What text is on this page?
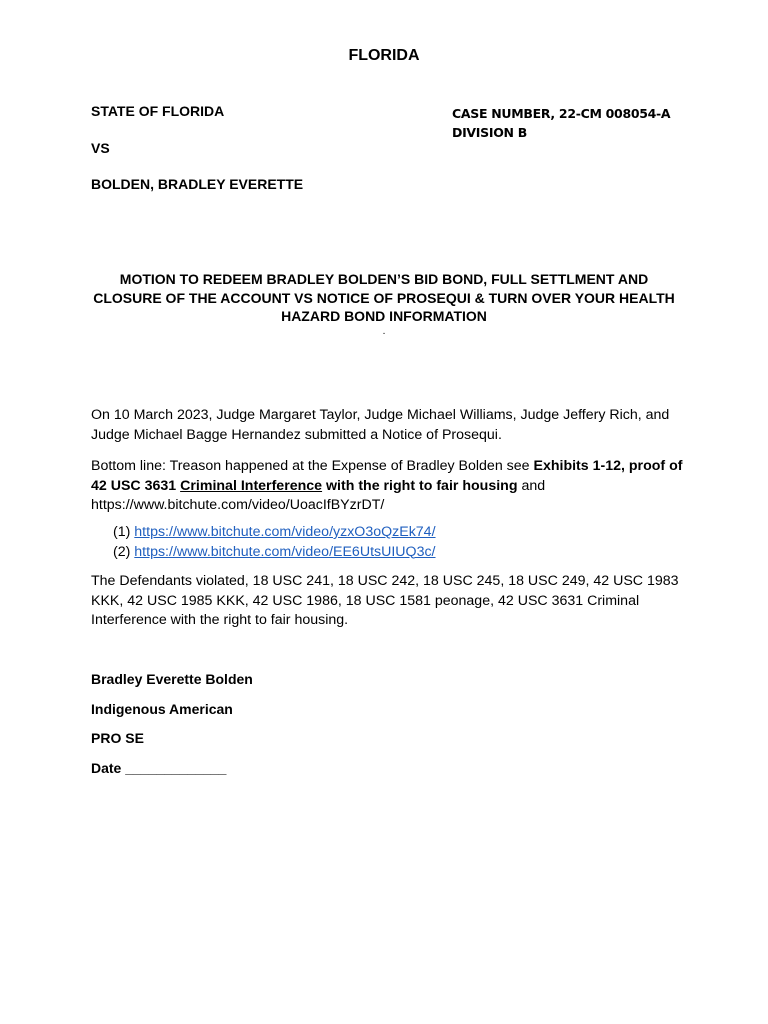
FLORIDA
STATE OF FLORIDA
VS
BOLDEN, BRADLEY EVERETTE
CASE NUMBER, 22-CM 008054-A
DIVISION B
MOTION TO REDEEM BRADLEY BOLDEN’S BID BOND, FULL SETTLMENT AND CLOSURE OF THE ACCOUNT VS NOTICE OF PROSEQUI & TURN OVER YOUR HEALTH HAZARD BOND INFORMATION
.
On 10 March 2023, Judge Margaret Taylor, Judge Michael Williams, Judge Jeffery Rich, and Judge Michael Bagge Hernandez submitted a Notice of Prosequi.
Bottom line: Treason happened at the Expense of Bradley Bolden see Exhibits 1-12, proof of 42 USC 3631 Criminal Interference with the right to fair housing and https://www.bitchute.com/video/UoacIfBYzrDT/
(1) https://www.bitchute.com/video/yzxO3oQzEk74/
(2) https://www.bitchute.com/video/EE6UtsUIUQ3c/
The Defendants violated, 18 USC 241, 18 USC 242, 18 USC 245, 18 USC 249, 42 USC 1983 KKK, 42 USC 1985 KKK, 42 USC 1986, 18 USC 1581 peonage, 42 USC 3631 Criminal Interference with the right to fair housing.
Bradley Everette Bolden
Indigenous American
PRO SE
Date _____________
